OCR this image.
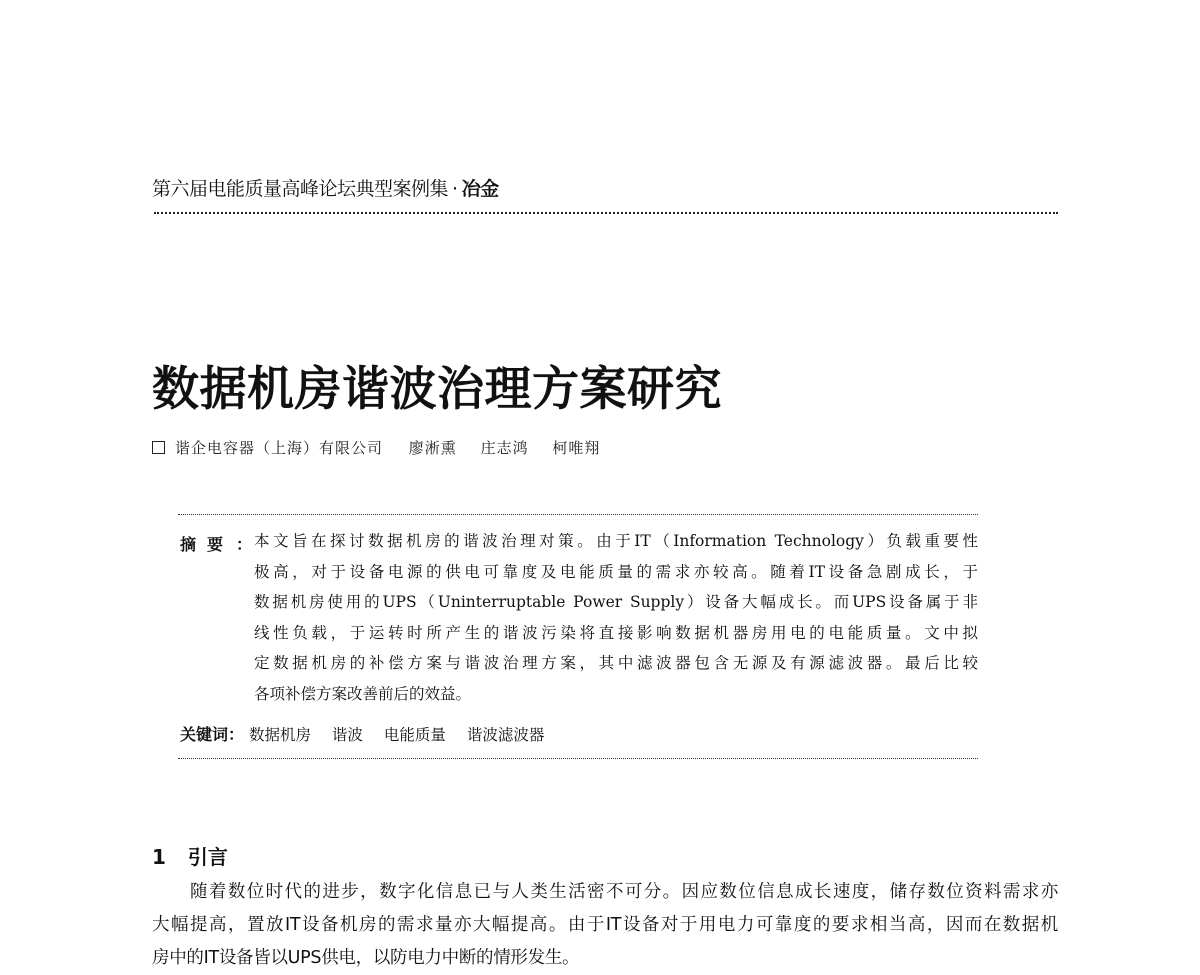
第六届电能质量高峰论坛典型案例集 · 冶金
数据机房谐波治理方案研究
谐企电容器（上海）有限公司 廖淅熏 庄志鸿 柯唯翔
摘要 ： 本文旨在探讨数据机房的谐波治理对策。由于IT（Information Technology）负载重要性
极高，对于设备电源的供电可靠度及电能质量的需求亦较高。随着IT设备急剧成长，于
数据机房使用的UPS（Uninterruptable Power Supply）设备大幅成长。而UPS设备属于非
线性负载，于运转时所产生的谐波污染将直接影响数据机器房用电的电能质量。文中拟
定数据机房的补偿方案与谐波治理方案，其中滤波器包含无源及有源滤波器。最后比较
各项补偿方案改善前后的效益。
关键词： 数据机房 谐波 电能质量 谐波滤波器
1 引言
随着数位时代的进步，数字化信息已与人类生活密不可分。因应数位信息成长速度，储存数位资料需求亦
大幅提高，置放IT设备机房的需求量亦大幅提高。由于IT设备对于用电力可靠度的要求相当高，因而在数据机
房中的IT设备皆以UPS供电，以防电力中断的情形发生。
